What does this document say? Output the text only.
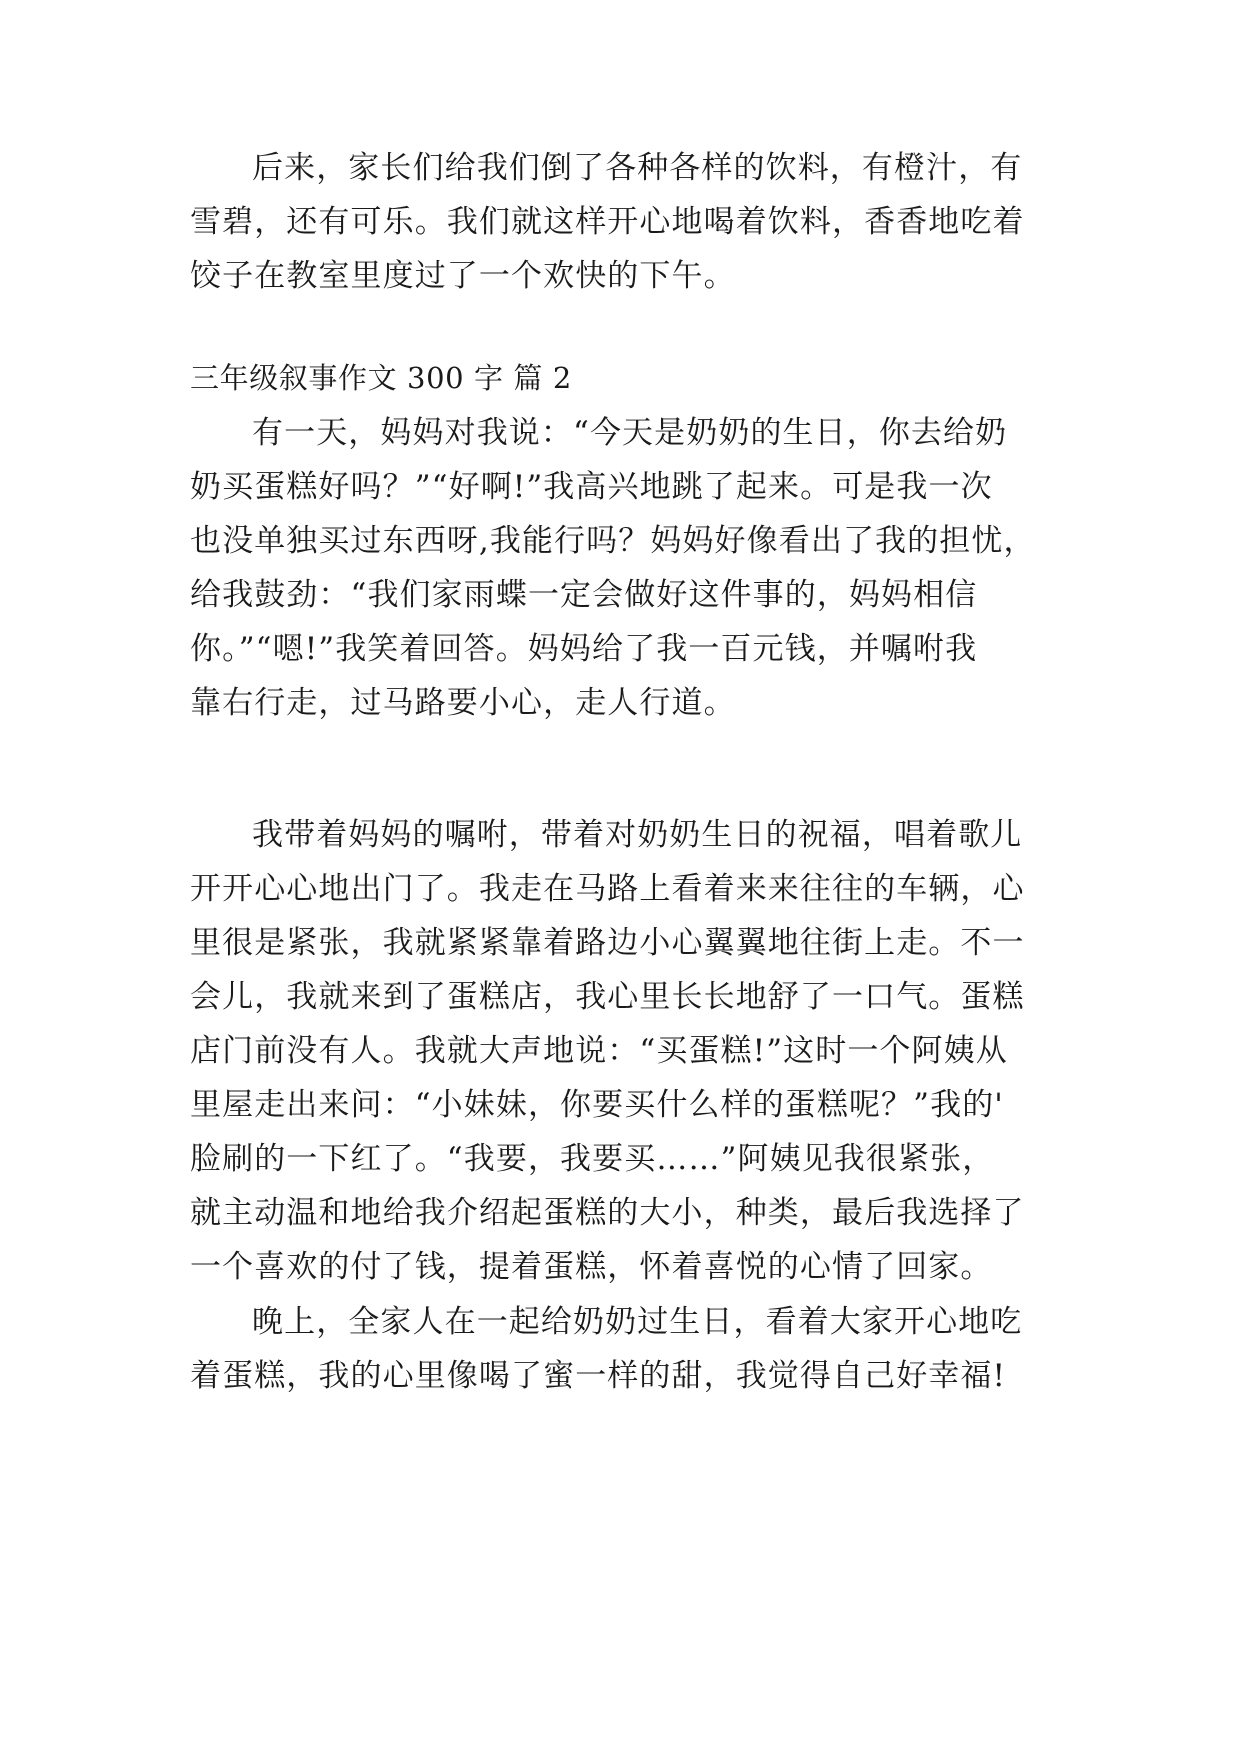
后来，家长们给我们倒了各种各样的饮料，有橙汁，有
雪碧，还有可乐。我们就这样开心地喝着饮料，香香地吃着
饺子在教室里度过了一个欢快的下午。
三年级叙事作文 300 字 篇 2
有一天，妈妈对我说：“今天是奶奶的生日，你去给奶
奶买蛋糕好吗？”“好啊!”我高兴地跳了起来。可是我一次
也没单独买过东西呀,我能行吗？妈妈好像看出了我的担忧，
给我鼓劲：“我们家雨蝶一定会做好这件事的，妈妈相信
你。”“嗯!”我笑着回答。妈妈给了我一百元钱，并嘱咐我
靠右行走，过马路要小心，走人行道。
我带着妈妈的嘱咐，带着对奶奶生日的祝福，唱着歌儿
开开心心地出门了。我走在马路上看着来来往往的车辆，心
里很是紧张，我就紧紧靠着路边小心翼翼地往街上走。不一
会儿，我就来到了蛋糕店，我心里长长地舒了一口气。蛋糕
店门前没有人。我就大声地说：“买蛋糕!”这时一个阿姨从
里屋走出来问：“小妹妹，你要买什么样的蛋糕呢？”我的'
脸刷的一下红了。“我要，我要买……”阿姨见我很紧张，
就主动温和地给我介绍起蛋糕的大小，种类，最后我选择了
一个喜欢的付了钱，提着蛋糕，怀着喜悦的心情了回家。
晚上，全家人在一起给奶奶过生日，看着大家开心地吃
着蛋糕，我的心里像喝了蜜一样的甜，我觉得自己好幸福!
